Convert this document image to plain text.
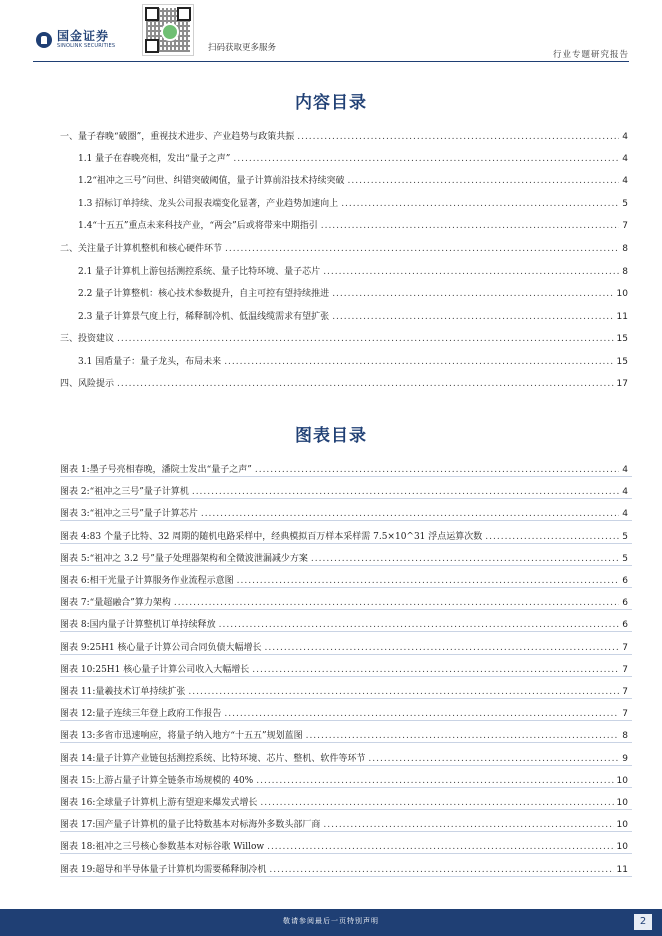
国金证券
SINOLINK SECURITIES	扫码获取更多服务
行业专题研究报告
内容目录
一、量子春晚“破圈”，重视技术进步、产业趋势与政策共振 .....	4
1.1 量子在春晚亮相，发出“量子之声” .....	4
1.2“祖冲之三号”问世、纠错突破阈值，量子计算前沿技术持续突破 .....	4
1.3 招标订单持续、龙头公司报表端变化显著，产业趋势加速向上 .....	5
1.4“十五五”重点未来科技产业，“两会”后或将带来中期指引 .....	7
二、关注量子计算机整机和核心硬件环节 .....	8
2.1 量子计算机上游包括测控系统、量子比特环境、量子芯片 .....	8
2.2 量子计算整机：核心技术参数提升，自主可控有望持续推进 .....	10
2.3 量子计算景气度上行，稀释制冷机、低温线缆需求有望扩张 .....	11
三、投资建议 .....	15
3.1 国盾量子：量子龙头，布局未来 .....	15
四、风险提示 .....	17
图表目录
图表 1: 墨子号亮相春晚，潘院士发出“量子之声” .....	4
图表 2: “祖冲之三号”量子计算机 .....	4
图表 3: “祖冲之三号”量子计算芯片 .....	4
图表 4: 83 个量子比特、32 周期的随机电路采样中，经典模拟百万样本采样需 7.5×10^31 浮点运算次数 .....	5
图表 5: “祖冲之 3.2 号”量子处理器架构和全微波泄漏减少方案 .....	5
图表 6: 相干光量子计算服务作业流程示意图 .....	6
图表 7: “量超融合”算力架构 .....	6
图表 8: 国内量子计算整机订单持续释放 .....	6
图表 9: 25H1 核心量子计算公司合同负债大幅增长 .....	7
图表 10: 25H1 核心量子计算公司收入大幅增长 .....	7
图表 11: 量羲技术订单持续扩张 .....	7
图表 12: 量子连续三年登上政府工作报告 .....	7
图表 13: 多省市迅速响应，将量子纳入地方“十五五”规划蓝图 .....	8
图表 14: 量子计算产业链包括测控系统、比特环境、芯片、整机、软件等环节 .....	9
图表 15: 上游占量子计算全链条市场规模的 40% .....	10
图表 16: 全球量子计算机上游有望迎来爆发式增长 .....	10
图表 17: 国产量子计算机的量子比特数基本对标海外多数头部厂商 .....	10
图表 18: 祖冲之三号核心参数基本对标谷歌 Willow .....	10
图表 19: 超导和半导体量子计算机均需要稀释制冷机 .....	11
敬请参阅最后一页特别声明	2
